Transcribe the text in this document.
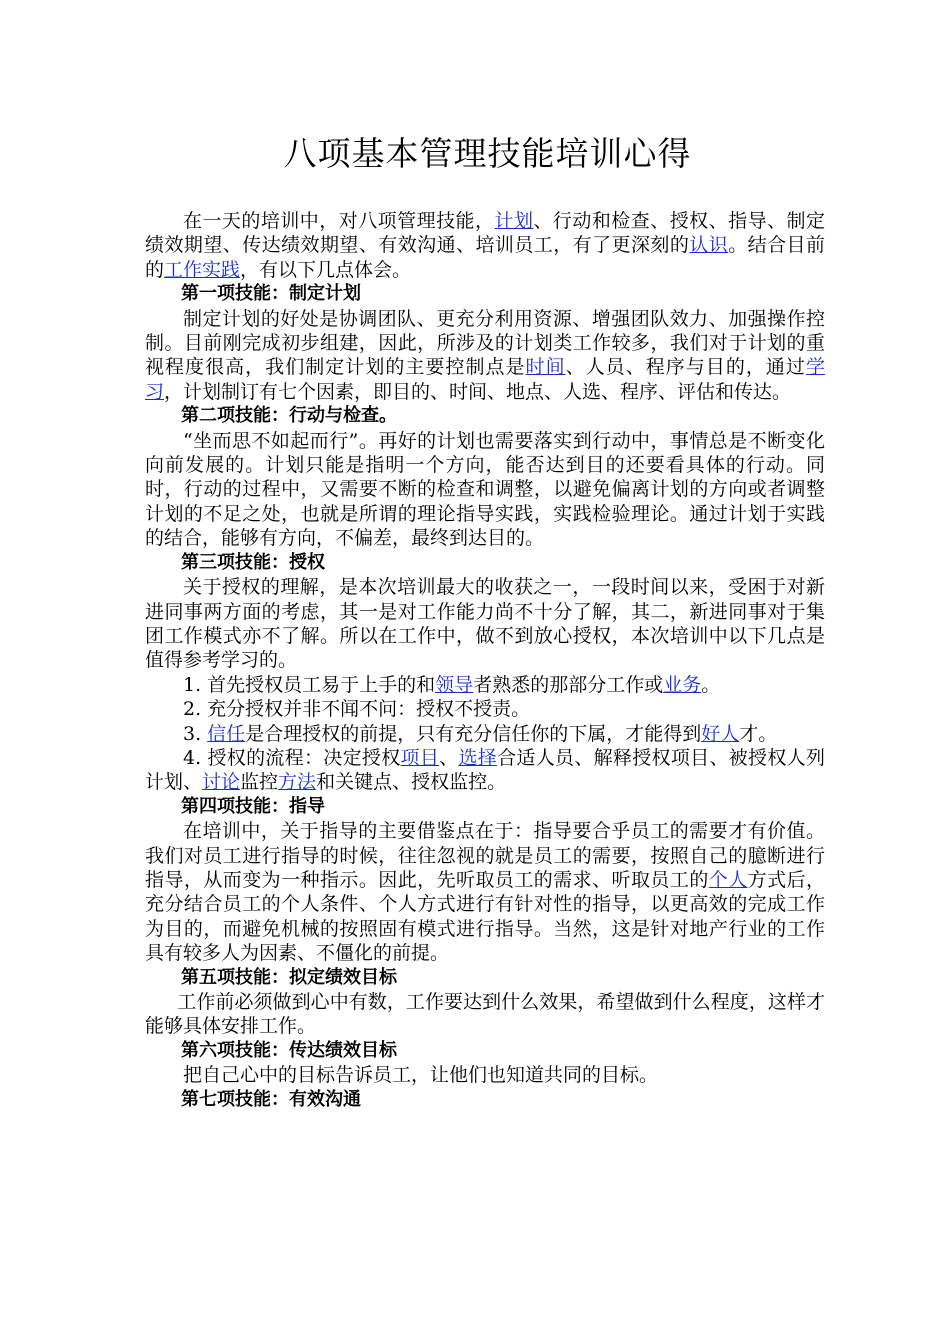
八项基本管理技能培训心得

在一天的培训中，对八项管理技能，计划、行动和检查、授权、指导、制定绩效期望、传达绩效期望、有效沟通、培训员工，有了更深刻的认识。结合目前的工作实践，有以下几点体会。

第一项技能：制定计划

制定计划的好处是协调团队、更充分利用资源、增强团队效力、加强操作控制。目前刚完成初步组建，因此，所涉及的计划类工作较多，我们对于计划的重视程度很高，我们制定计划的主要控制点是时间、人员、程序与目的，通过学习，计划制订有七个因素，即目的、时间、地点、人选、程序、评估和传达。

第二项技能：行动与检查。

“坐而思不如起而行”。再好的计划也需要落实到行动中，事情总是不断变化向前发展的。计划只能是指明一个方向，能否达到目的还要看具体的行动。同时，行动的过程中，又需要不断的检查和调整，以避免偏离计划的方向或者调整计划的不足之处，也就是所谓的理论指导实践，实践检验理论。通过计划于实践的结合，能够有方向，不偏差，最终到达目的。

第三项技能：授权

关于授权的理解，是本次培训最大的收获之一，一段时间以来，受困于对新进同事两方面的考虑，其一是对工作能力尚不十分了解，其二，新进同事对于集团工作模式亦不了解。所以在工作中，做不到放心授权，本次培训中以下几点是值得参考学习的。

1. 首先授权员工易于上手的和领导者熟悉的那部分工作或业务。

2. 充分授权并非不闻不问：授权不授责。

3. 信任是合理授权的前提，只有充分信任你的下属，才能得到好人才。

4. 授权的流程：决定授权项目、选择合适人员、解释授权项目、被授权人列计划、讨论监控方法和关键点、授权监控。

第四项技能：指导

在培训中，关于指导的主要借鉴点在于：指导要合乎员工的需要才有价值。我们对员工进行指导的时候，往往忽视的就是员工的需要，按照自己的臆断进行指导，从而变为一种指示。因此，先听取员工的需求、听取员工的个人方式后，充分结合员工的个人条件、个人方式进行有针对性的指导，以更高效的完成工作为目的，而避免机械的按照固有模式进行指导。当然，这是针对地产行业的工作具有较多人为因素、不僵化的前提。

第五项技能：拟定绩效目标

工作前必须做到心中有数，工作要达到什么效果，希望做到什么程度，这样才能够具体安排工作。

第六项技能：传达绩效目标

把自己心中的目标告诉员工，让他们也知道共同的目标。

第七项技能：有效沟通
